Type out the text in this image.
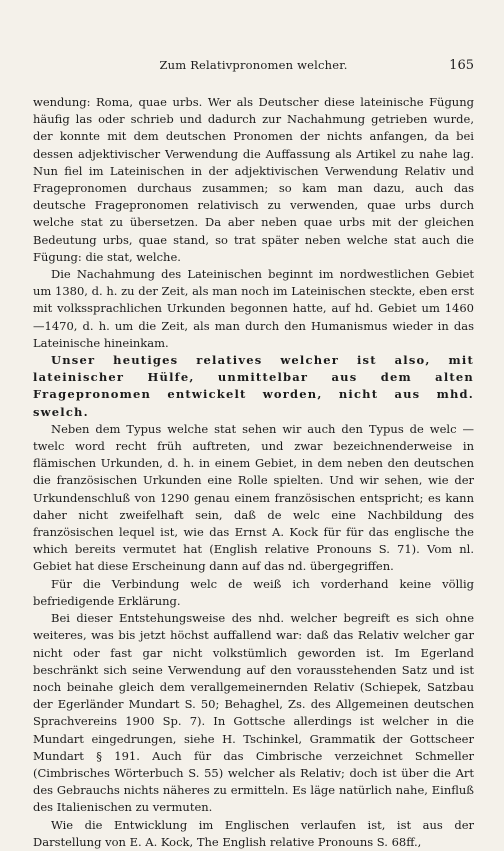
Zum Relativpronomen welcher.	165

wendung: Roma, quae urbs. Wer als Deutscher diese lateinische Fügung häufig las oder schrieb und dadurch zur Nachahmung getrieben wurde, der konnte mit dem deutschen Pronomen der nichts anfangen, da bei dessen adjektivischer Verwendung die Auffassung als Artikel zu nahe lag. Nun fiel im Lateinischen in der adjektivischen Verwendung Relativ und Fragepronomen durchaus zusammen; so kam man dazu, auch das deutsche Fragepronomen relativisch zu verwenden, quae urbs durch welche stat zu übersetzen. Da aber neben quae urbs mit der gleichen Bedeutung urbs, quae stand, so trat später neben welche stat auch die Fügung: die stat, welche.

Die Nachahmung des Lateinischen beginnt im nordwestlichen Gebiet um 1380, d. h. zu der Zeit, als man noch im Lateinischen steckte, eben erst mit volkssprachlichen Urkunden begonnen hatte, auf hd. Gebiet um 1460—1470, d. h. um die Zeit, als man durch den Humanismus wieder in das Lateinische hineinkam.

Unser heutiges relatives welcher ist also, mit lateinischer Hülfe, unmittelbar aus dem alten Fragepronomen entwickelt worden, nicht aus mhd. swelch.

Neben dem Typus welche stat sehen wir auch den Typus de welc — twelc word recht früh auftreten, und zwar bezeichnenderweise in flämischen Urkunden, d. h. in einem Gebiet, in dem neben den deutschen die französischen Urkunden eine Rolle spielten. Und wir sehen, wie der Urkundenschluß von 1290 genau einem französischen entspricht; es kann daher nicht zweifelhaft sein, daß de welc eine Nachbildung des französischen lequel ist, wie das Ernst A. Kock für für das englische the which bereits vermutet hat (English relative Pronouns S. 71). Vom nl. Gebiet hat diese Erscheinung dann auf das nd. übergegriffen.

Für die Verbindung welc de weiß ich vorderhand keine völlig befriedigende Erklärung.

Bei dieser Entstehungsweise des nhd. welcher begreift es sich ohne weiteres, was bis jetzt höchst auffallend war: daß das Relativ welcher gar nicht oder fast gar nicht volkstümlich geworden ist. Im Egerland beschränkt sich seine Verwendung auf den vorausstehenden Satz und ist noch beinahe gleich dem verallgemeinernden Relativ (Schiepek, Satzbau der Egerländer Mundart S. 50; Behaghel, Zs. des Allgemeinen deutschen Sprachvereins 1900 Sp. 7). In Gottsche allerdings ist welcher in die Mundart eingedrungen, siehe H. Tschinkel, Grammatik der Gottscheer Mundart § 191. Auch für das Cimbrische verzeichnet Schmeller (Cimbrisches Wörterbuch S. 55) welcher als Relativ; doch ist über die Art des Gebrauchs nichts näheres zu ermitteln. Es läge natürlich nahe, Einfluß des Italienischen zu vermuten.

Wie die Entwicklung im Englischen verlaufen ist, ist aus der Darstellung von E. A. Kock, The English relative Pronouns S. 68ff.,
